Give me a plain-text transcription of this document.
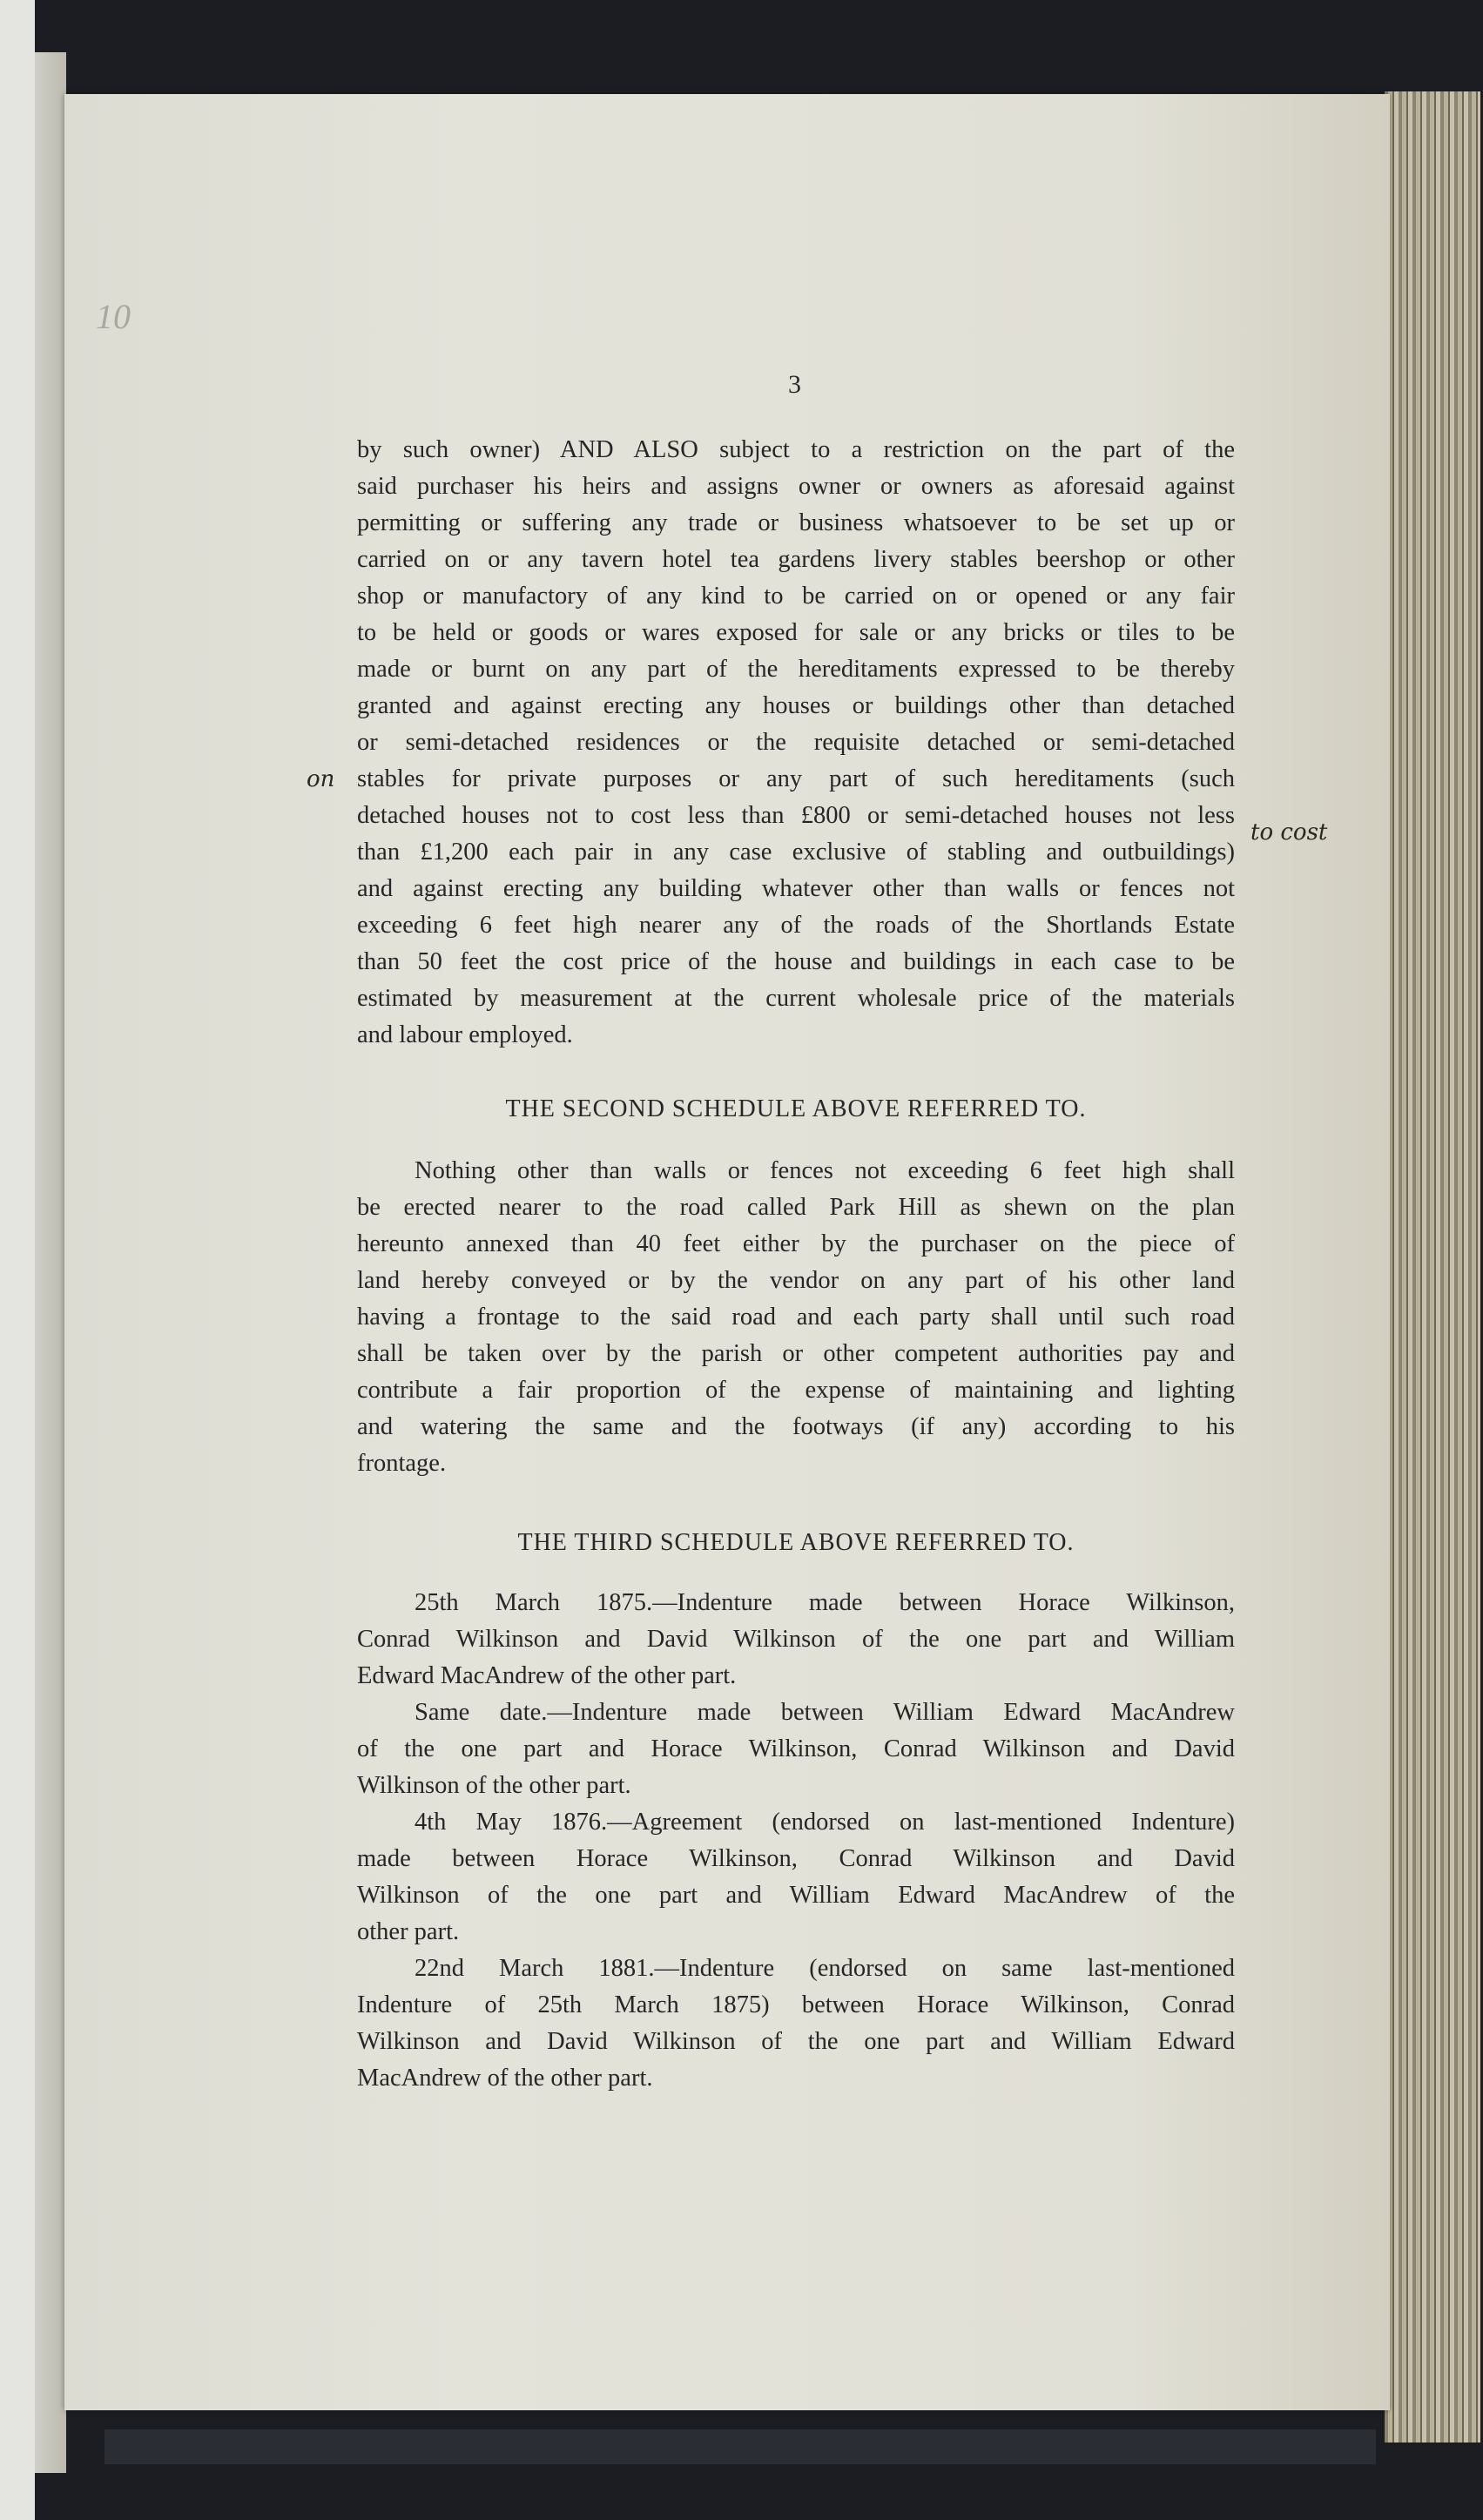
10
3
by such owner) AND ALSO subject to a restriction on the part of the
said purchaser his heirs and assigns owner or owners as aforesaid against
permitting or suffering any trade or business whatsoever to be set up or
carried on or any tavern hotel tea gardens livery stables beershop or other
shop or manufactory of any kind to be carried on or opened or any fair
to be held or goods or wares exposed for sale or any bricks or tiles to be
made or burnt on any part of the hereditaments expressed to be thereby
granted and against erecting any houses or buildings other than detached
or semi-detached residences or the requisite detached or semi-detached
stables for private purposes or any part of such hereditaments (such
detached houses not to cost less than £800 or semi-detached houses not less
than £1,200 each pair in any case exclusive of stabling and outbuildings)
and against erecting any building whatever other than walls or fences not
exceeding 6 feet high nearer any of the roads of the Shortlands Estate
than 50 feet the cost price of the house and buildings in each case to be
estimated by measurement at the current wholesale price of the materials
and labour employed.
on
to cost
THE SECOND SCHEDULE ABOVE REFERRED TO.
Nothing other than walls or fences not exceeding 6 feet high shall
be erected nearer to the road called Park Hill as shewn on the plan
hereunto annexed than 40 feet either by the purchaser on the piece of
land hereby conveyed or by the vendor on any part of his other land
having a frontage to the said road and each party shall until such road
shall be taken over by the parish or other competent authorities pay and
contribute a fair proportion of the expense of maintaining and lighting
and watering the same and the footways (if any) according to his
frontage.
THE THIRD SCHEDULE ABOVE REFERRED TO.
25th March 1875.—Indenture made between Horace Wilkinson,
Conrad Wilkinson and David Wilkinson of the one part and William
Edward MacAndrew of the other part.
Same date.—Indenture made between William Edward MacAndrew
of the one part and Horace Wilkinson, Conrad Wilkinson and David
Wilkinson of the other part.
4th May 1876.—Agreement (endorsed on last-mentioned Indenture)
made between Horace Wilkinson, Conrad Wilkinson and David
Wilkinson of the one part and William Edward MacAndrew of the
other part.
22nd March 1881.—Indenture (endorsed on same last-mentioned
Indenture of 25th March 1875) between Horace Wilkinson, Conrad
Wilkinson and David Wilkinson of the one part and William Edward
MacAndrew of the other part.
